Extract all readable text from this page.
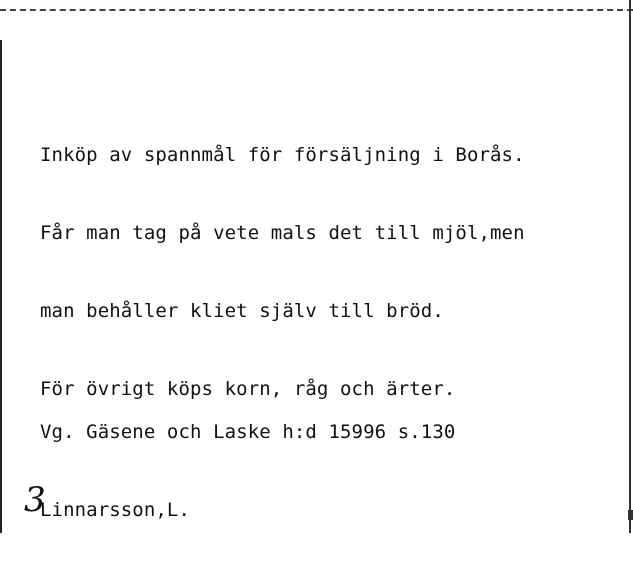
Inköp av spannmål för försäljning i Borås.

Får man tag på vete mals det till mjöl,men

man behåller kliet själv till bröd.

För övrigt köps korn, råg och ärter.

Vg. Gäsene och Laske h:d 15996 s.130

Linnarsson,L.

3
